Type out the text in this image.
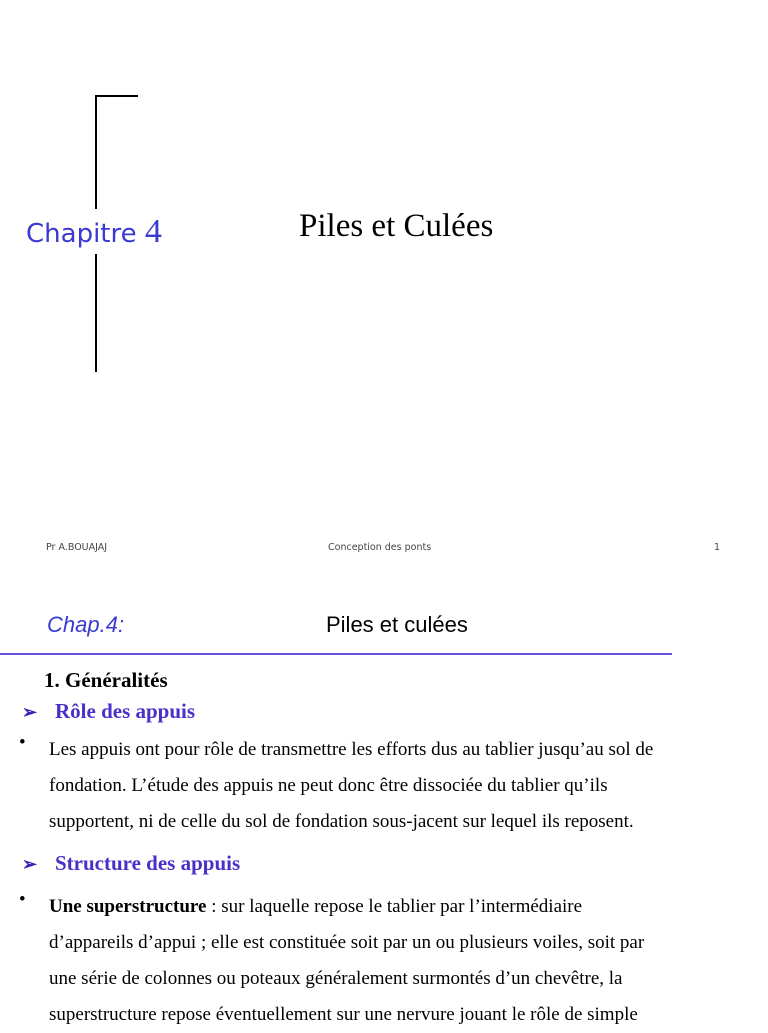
Chapitre 4	Piles et Culées
Pr A.BOUAJAJ	Conception des ponts	1
Chap.4:	Piles et culées
1. Généralités
➢ Rôle des appuis
• Les appuis ont pour rôle de transmettre les efforts dus au tablier jusqu’au sol de
fondation. L’étude des appuis ne peut donc être dissociée du tablier qu’ils
supportent, ni de celle du sol de fondation sous-jacent sur lequel ils reposent.
➢ Structure des appuis
• Une superstructure : sur laquelle repose le tablier par l’intermédiaire
d’appareils d’appui ; elle est constituée soit par un ou plusieurs voiles, soit par
une série de colonnes ou poteaux généralement surmontés d’un chevêtre, la
superstructure repose éventuellement sur une nervure jouant le rôle de simple
